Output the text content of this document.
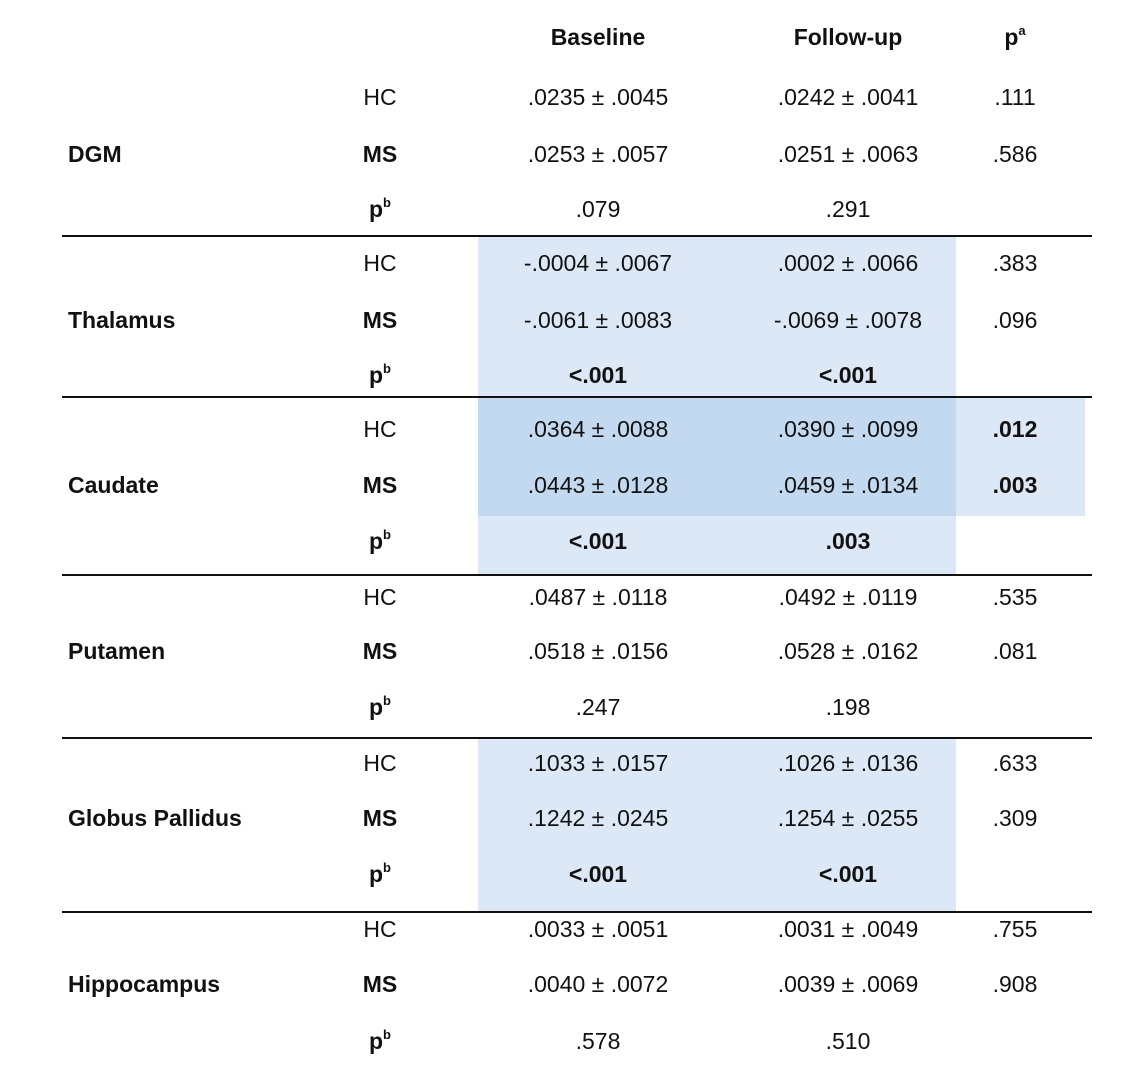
Baseline	Follow-up	$p^a$
DGM
HC	.0235 ± .0045	.0242 ± .0041	.111
MS	.0253 ± .0057	.0251 ± .0063	.586
$p^b$	.079	.291
Thalamus
HC	-.0004 ± .0067	.0002 ± .0066	.383
MS	-.0061 ± .0083	-.0069 ± .0078	.096
$p^b$	<.001	<.001
Caudate
HC	.0364 ± .0088	.0390 ± .0099	.012
MS	.0443 ± .0128	.0459 ± .0134	.003
$p^b$	<.001	.003
Putamen
HC	.0487 ± .0118	.0492 ± .0119	.535
MS	.0518 ± .0156	.0528 ± .0162	.081
$p^b$	.247	.198
Globus Pallidus
HC	.1033 ± .0157	.1026 ± .0136	.633
MS	.1242 ± .0245	.1254 ± .0255	.309
$p^b$	<.001	<.001
Hippocampus
HC	.0033 ± .0051	.0031 ± .0049	.755
MS	.0040 ± .0072	.0039 ± .0069	.908
$p^b$	.578	.510
